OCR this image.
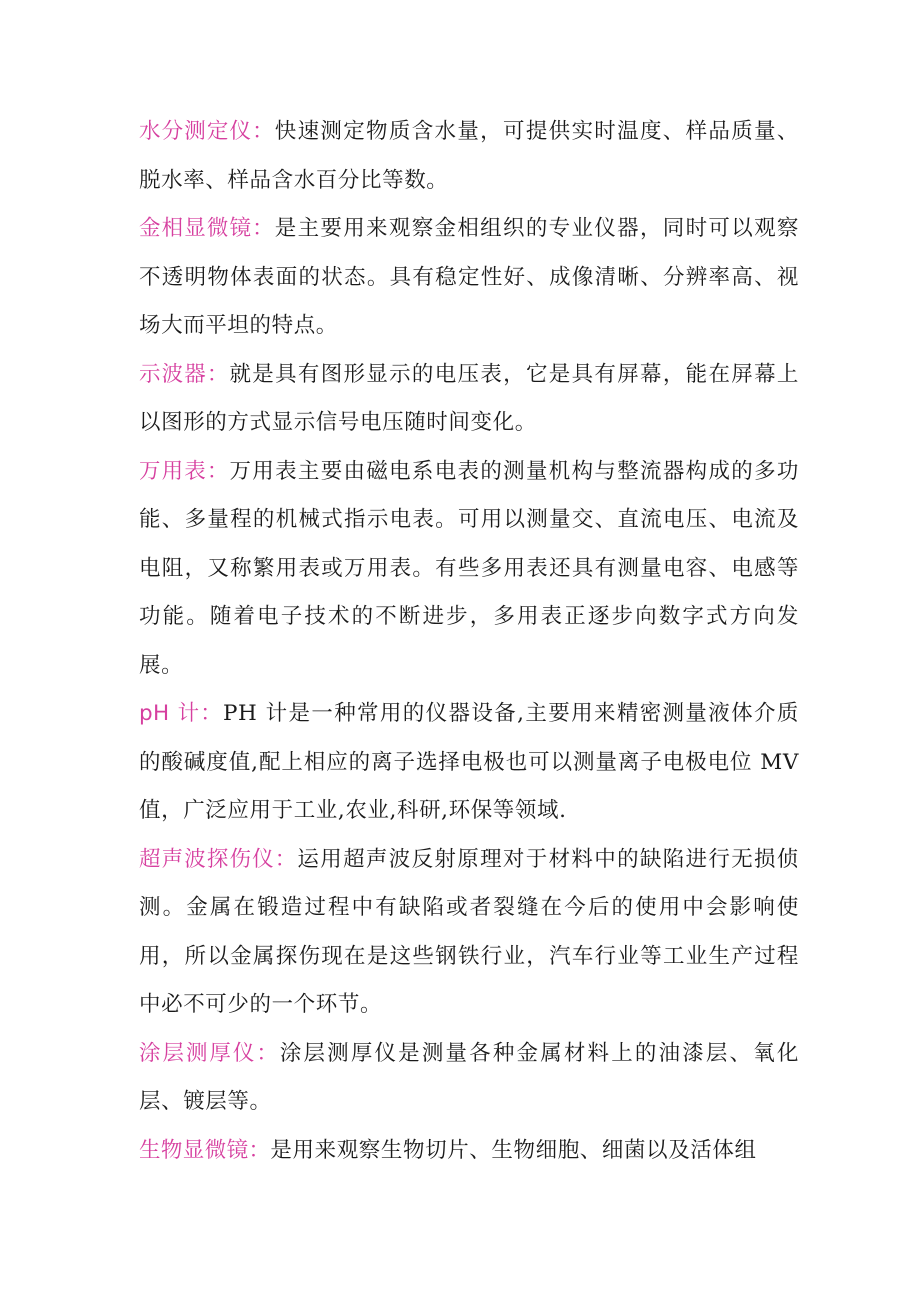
水分测定仪：快速测定物质含水量，可提供实时温度、样品质量、脱水率、样品含水百分比等数。

金相显微镜：是主要用来观察金相组织的专业仪器，同时可以观察不透明物体表面的状态。具有稳定性好、成像清晰、分辨率高、视场大而平坦的特点。

示波器：就是具有图形显示的电压表，它是具有屏幕，能在屏幕上以图形的方式显示信号电压随时间变化。

万用表：万用表主要由磁电系电表的测量机构与整流器构成的多功能、多量程的机械式指示电表。可用以测量交、直流电压、电流及电阻，又称繁用表或万用表。有些多用表还具有测量电容、电感等功能。随着电子技术的不断进步，多用表正逐步向数字式方向发展。

pH 计：PH 计是一种常用的仪器设备,主要用来精密测量液体介质的酸碱度值,配上相应的离子选择电极也可以测量离子电极电位 MV 值，广泛应用于工业,农业,科研,环保等领域.

超声波探伤仪：运用超声波反射原理对于材料中的缺陷进行无损侦测。金属在锻造过程中有缺陷或者裂缝在今后的使用中会影响使用，所以金属探伤现在是这些钢铁行业，汽车行业等工业生产过程中必不可少的一个环节。

涂层测厚仪：涂层测厚仪是测量各种金属材料上的油漆层、氧化层、镀层等。

生物显微镜：是用来观察生物切片、生物细胞、细菌以及活体组
